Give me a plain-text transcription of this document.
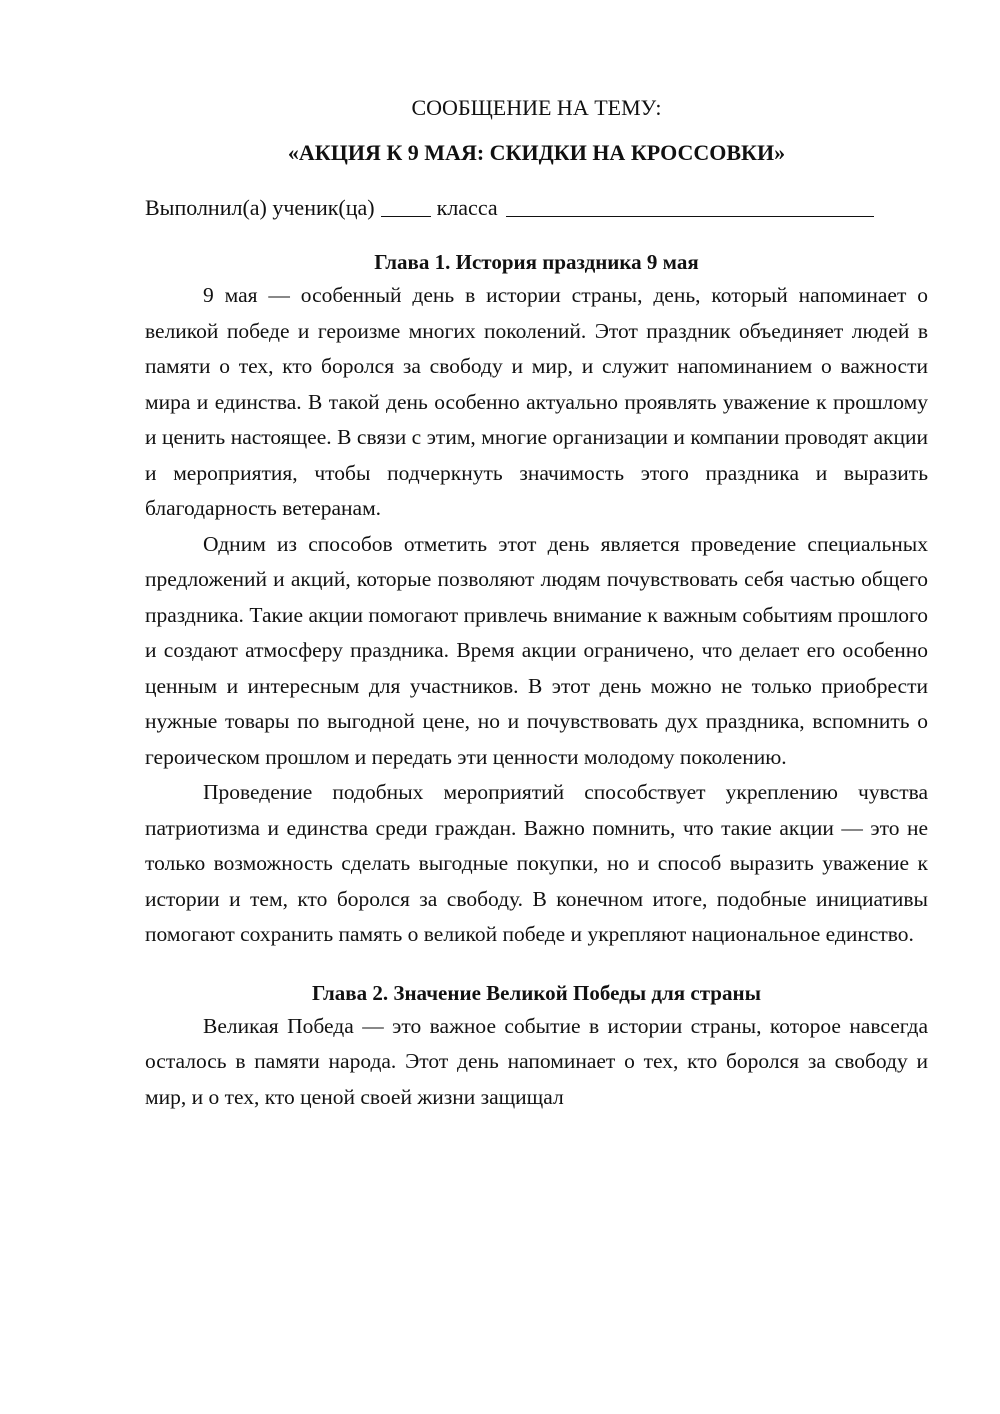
СООБЩЕНИЕ НА ТЕМУ:
«АКЦИЯ К 9 МАЯ: СКИДКИ НА КРОССОВКИ»
Выполнил(а) ученик(ца)	класса
Глава 1. История праздника 9 мая

9 мая — особенный день в истории страны, день, который напоминает о великой победе и героизме многих поколений. Этот праздник объединяет людей в памяти о тех, кто боролся за свободу и мир, и служит напоминанием о важности мира и единства. В такой день особенно актуально проявлять уважение к прошлому и ценить настоящее. В связи с этим, многие организации и компании проводят акции и мероприятия, чтобы подчеркнуть значимость этого праздника и выразить благодарность ветеранам.

Одним из способов отметить этот день является проведение специальных предложений и акций, которые позволяют людям почувствовать себя частью общего праздника. Такие акции помогают привлечь внимание к важным событиям прошлого и создают атмосферу праздника. Время акции ограничено, что делает его особенно ценным и интересным для участников. В этот день можно не только приобрести нужные товары по выгодной цене, но и почувствовать дух праздника, вспомнить о героическом прошлом и передать эти ценности молодому поколению.

Проведение подобных мероприятий способствует укреплению чувства патриотизма и единства среди граждан. Важно помнить, что такие акции — это не только возможность сделать выгодные покупки, но и способ выразить уважение к истории и тем, кто боролся за свободу. В конечном итоге, подобные инициативы помогают сохранить память о великой победе и укрепляют национальное единство.

Глава 2. Значение Великой Победы для страны

Великая Победа — это важное событие в истории страны, которое навсегда осталось в памяти народа. Этот день напоминает о тех, кто боролся за свободу и мир, и о тех, кто ценой своей жизни защищал
